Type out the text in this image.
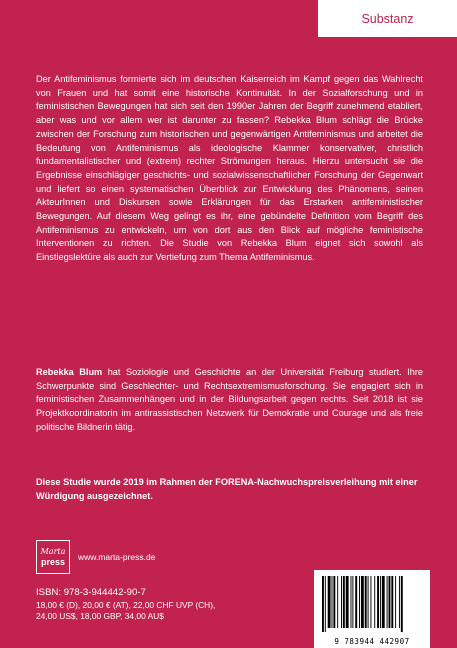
Substanz

Der Antifeminismus formierte sich im deutschen Kaiserreich im Kampf gegen das Wahlrecht von Frauen und hat somit eine historische Kontinuität. In der Sozialforschung und in feministischen Bewegungen hat sich seit den 1990er Jahren der Begriff zunehmend etabliert, aber was und vor allem wer ist darunter zu fassen? Rebekka Blum schlägt die Brücke zwischen der Forschung zum historischen und gegenwärtigen Antifeminismus und arbeitet die Bedeutung von Antifeminismus als ideologische Klammer konservativer, christlich fundamentalistischer und (extrem) rechter Strömungen heraus. Hierzu untersucht sie die Ergebnisse einschlägiger geschichts- und sozialwissenschaftlicher Forschung der Gegenwart und liefert so einen systematischen Überblick zur Entwicklung des Phänomens, seinen AkteurInnen und Diskursen sowie Erklärungen für das Erstarken antifeministischer Bewegungen. Auf diesem Weg gelingt es ihr, eine gebündelte Definition vom Begriff des Antifeminismus zu entwickeln, um von dort aus den Blick auf mögliche feministische Interventionen zu richten. Die Studie von Rebekka Blum eignet sich sowohl als Einstiegslektüre als auch zur Vertiefung zum Thema Antifeminismus.

Rebekka Blum hat Soziologie und Geschichte an der Universität Freiburg studiert. Ihre Schwerpunkte sind Geschlechter- und Rechtsextremismusforschung. Sie engagiert sich in feministischen Zusammenhängen und in der Bildungsarbeit gegen rechts. Seit 2018 ist sie Projektkoordinatorin im antirassistischen Netzwerk für Demokratie und Courage und als freie politische Bildnerin tätig.

Diese Studie wurde 2019 im Rahmen der FORENA-Nachwuchspreisverleihung mit einer Würdigung ausgezeichnet.

Marta
press www.marta-press.de
ISBN: 978-3-944442-90-7
18,00 € (D), 20,00 € (AT), 22,00 CHF UVP (CH),
24,00 US$, 18,00 GBP, 34,00 AU$
9 783944 442907
